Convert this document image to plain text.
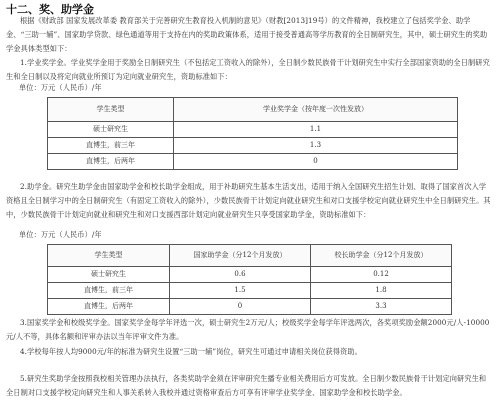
十二、奖、助学金
根据《财政部 国家发展改革委 教育部关于完善研究生教育投入机制的意见》（财教[2013]19号）的文件精神，我校建立了包括奖学金、助学金、“三助一辅”、国家助学贷款、绿色通道等用于支持在内的奖助政策体系，适用于接受普通高等学历教育的全日制研究生，其中，硕士研究生的奖助学金具体类型如下：
1.学业奖学金。学业奖学金用于奖励全日制研究生（不包括定工资收入的除外），全日制少数民族骨干计划研究生中实行全部国家资助的全日制研究生和全日制以及将定向就业所预订为定向就业研究生，资助标准如下：
单位：万元（人民币）/年
学生类型	学业奖学金（按年度一次性发放）
硕士研究生	1.1
直博生，前三年	1.3
直博生，后两年	0
2.助学金。研究生助学金由国家助学金和校长助学金组成，用于补助研究生基本生活支出，适用于纳入全国研究生招生计划、取得了国家首次入学资格且全日制学习中的全日制研究生（有固定工资收入的除外），少数民族骨干计划定向就业研究生和对口支援学校定向就业研究生中全日制研究生。其中，少数民族骨干计划定向就业和研究生和对口支援西部计划定向就业研究生只享受国家助学金，资助标准如下：
单位：万元（人民币）/年
学生类型	国家助学金（分12个月发放）	校长助学金（分12个月发放）
硕士研究生	0.6	0.12
直博生，前三年	1.5	1.8
直博生，后两年	0	3.3
3.国家奖学金和校级奖学金。国家奖学金每学年评选一次，硕士研究生2万元/人；校级奖学金每学年评选两次，各奖项奖励金额2000元/人-10000元/人不等，具体名额和评审办法以当年评审文件为准。
4.学校每年按人均9000元/年的标准为研究生设置“三助一辅”岗位，研究生可通过申请相关岗位获得资助。
5.研究生奖助学金按照我校相关管理办法执行，各类奖助学金须在评审研究生播专业相关费用后方可发放。全日制少数民族骨干计划定向研究生和全日制对口支援学校定向研究生和人事关系转入我校并通过资格审查后方可享有评审学业奖学金、国家助学金和校长助学金。
